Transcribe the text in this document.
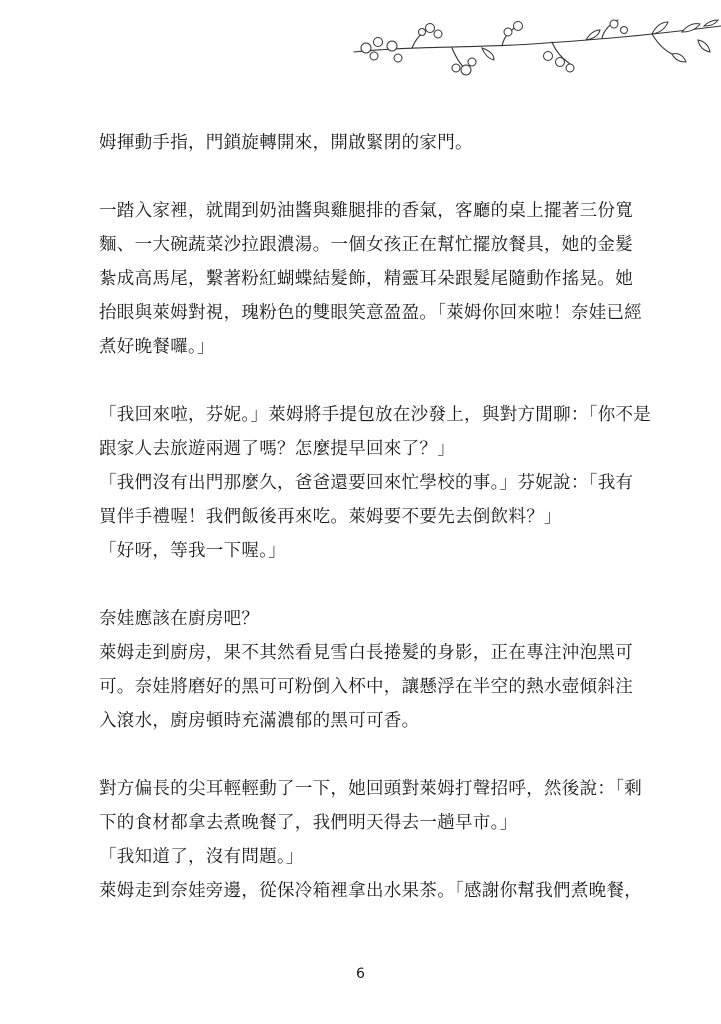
姆揮動手指，門鎖旋轉開來，開啟緊閉的家門。
一踏入家裡，就聞到奶油醬與雞腿排的香氣，客廳的桌上擺著三份寬
麵、一大碗蔬菜沙拉跟濃湯。一個女孩正在幫忙擺放餐具，她的金髮
紮成高馬尾，繫著粉紅蝴蝶結髮飾，精靈耳朵跟髮尾隨動作搖晃。她
抬眼與萊姆對視，瑰粉色的雙眼笑意盈盈。「萊姆你回來啦！奈娃已經
煮好晚餐囉。」
「我回來啦，芬妮。」萊姆將手提包放在沙發上，與對方閒聊：「你不是
跟家人去旅遊兩週了嗎？怎麼提早回來了？」
「我們沒有出門那麼久，爸爸還要回來忙學校的事。」芬妮說：「我有
買伴手禮喔！我們飯後再來吃。萊姆要不要先去倒飲料？」
「好呀，等我一下喔。」
奈娃應該在廚房吧？
萊姆走到廚房，果不其然看見雪白長捲髮的身影，正在專注沖泡黑可
可。奈娃將磨好的黑可可粉倒入杯中，讓懸浮在半空的熱水壺傾斜注
入滾水，廚房頓時充滿濃郁的黑可可香。
對方偏長的尖耳輕輕動了一下，她回頭對萊姆打聲招呼，然後說：「剩
下的食材都拿去煮晚餐了，我們明天得去一趟早市。」
「我知道了，沒有問題。」
萊姆走到奈娃旁邊，從保冷箱裡拿出水果茶。「感謝你幫我們煮晚餐，
6
